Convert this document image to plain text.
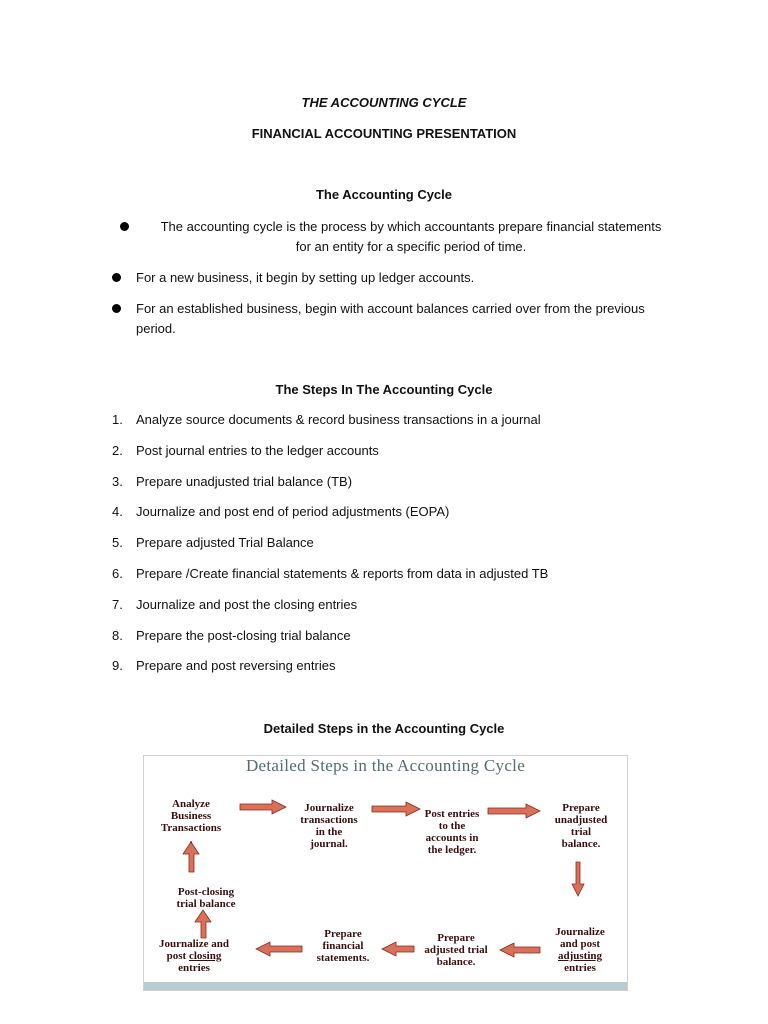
THE ACCOUNTING CYCLE
FINANCIAL ACCOUNTING PRESENTATION
The Accounting Cycle
The accounting cycle is the process by which accountants prepare financial statements
for an entity for a specific period of time.
For a new business, it begin by setting up ledger accounts.
For an established business, begin with account balances carried over from the previous
period.
The Steps In The Accounting Cycle
1.	Analyze source documents & record business transactions in a journal
2.	Post journal entries to the ledger accounts
3.	Prepare unadjusted trial balance (TB)
4.	Journalize and post end of period adjustments (EOPA)
5.	Prepare adjusted Trial Balance
6.	Prepare /Create financial statements & reports from data in adjusted TB
7.	Journalize and post the closing entries
8.	Prepare the post-closing trial balance
9.	Prepare and post reversing entries
Detailed Steps in the Accounting Cycle
Detailed Steps in the Accounting Cycle
Analyze
Business
Transactions
.
Journalize
transactions
in the
journal.
Post entries
to the
accounts in
the ledger.
Prepare
unadjusted
trial
balance.
Journalize
and post
adjusting
entries
Prepare
adjusted trial
balance.
Prepare
financial
statements.
Journalize and
post closing
entries
Post-closing
trial balance
